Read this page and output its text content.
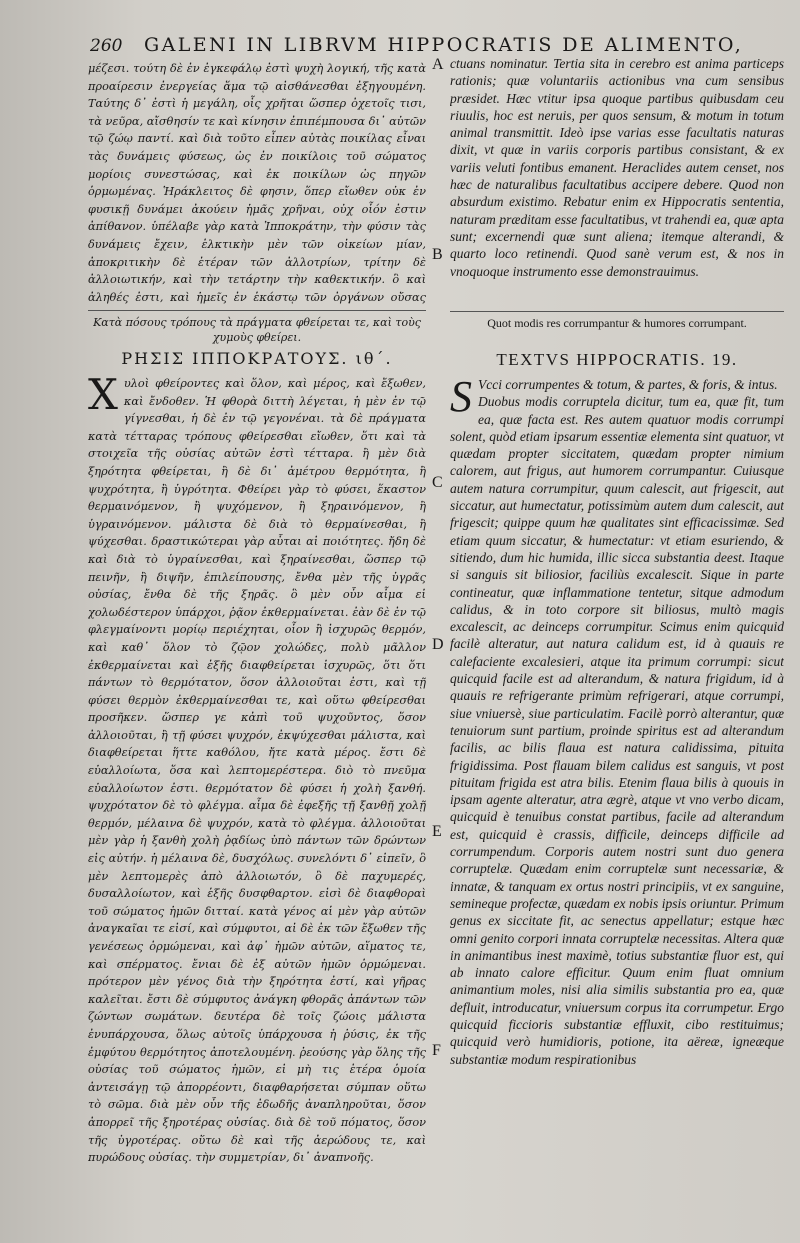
260 GALENI IN LIBRVM HIPPOCRATIS DE ALIMENTO,

μέζεσι. τούτη δὲ ἐν ἐγκεφάλῳ ἐστὶ ψυχὴ λογική, τῆς κατὰ προαίρεσιν ἐνεργείας ἅμα τῷ αἰσθάνεσθαι ἐξηγουμένη. Ταύτης δ᾽ ἐστὶ ἡ μεγάλη, οἷς χρῆται ὥσπερ ὀχετοῖς τισι, τὰ νεῦρα, αἴσθησίν τε καὶ κίνησιν ἐπιπέμπουσα δι᾽ αὐτῶν τῷ ζώῳ παντί. καὶ διὰ τοῦτο εἶπεν αὐτὰς ποικίλας εἶναι τὰς δυνάμεις φύσεως, ὡς ἐν ποικίλοις τοῦ σώματος μορίοις συνεστώσας, καὶ ἐκ ποικίλων ὡς πηγῶν ὁρμωμένας. Ἡράκλειτος δὲ φησιν, ὅπερ εἴωθεν οὐκ ἐν φυσικῇ δυνάμει ἀκούειν ἡμᾶς χρῆναι, οὐχ οἷόν ἐστιν ἀπίθανον. ὑπέλαβε γὰρ κατὰ Ἱπποκράτην, τὴν φύσιν τὰς δυνάμεις ἔχειν, ἑλκτικὴν μὲν τῶν οἰκείων μίαν, ἀποκριτικὴν δὲ ἑτέραν τῶν ἀλλοτρίων, τρίτην δὲ ἀλλοιωτικήν, καὶ τὴν τετάρτην τὴν καθεκτικήν. ὃ καὶ ἀληθές ἐστι, καὶ ἡμεῖς ἐν ἑκάστῳ τῶν ὀργάνων οὔσας

Κατὰ πόσους τρόπους τὰ πράγματα φθείρεται τε, καὶ τοὺς χυμοὺς φθείρει.

ΡΗΣΙΣ ΙΠΠΟΚΡΑΤΟΥΣ. ιθ΄.
Χ υλοὶ φθείροντες καὶ ὅλον, καὶ μέρος, καὶ ἔξωθεν, καὶ ἔνδοθεν. Ἡ φθορὰ διττὴ λέγεται, ἡ μὲν ἐν τῷ γίγνεσθαι, ἡ δὲ ἐν τῷ γεγονέναι. τὰ δὲ πράγματα κατὰ τέτταρας τρόπους φθείρεσθαι εἴωθεν, ὅτι καὶ τὰ στοιχεῖα τῆς οὐσίας αὐτῶν ἐστὶ τέτταρα. ἢ μὲν διὰ ξηρότητα φθείρεται, ἢ δὲ δι᾽ ἀμέτρου θερμότητα, ἢ ψυχρότητα, ἢ ὑγρότητα. Φθείρει γὰρ τὸ φύσει, ἕκαστον θερμαινόμενον, ἢ ψυχόμενον, ἢ ξηραινόμενον, ἢ ὑγραινόμενον. μάλιστα δὲ διὰ τὸ θερμαίνεσθαι, ἢ ψύχεσθαι. δραστικώτεραι γὰρ αὗται αἱ ποιότητες. ἤδη δὲ καὶ διὰ τὸ ὑγραίνεσθαι, καὶ ξηραίνεσθαι, ὥσπερ τῷ πεινῆν, ἢ διψῆν, ἐπιλείπουσης, ἔνθα μὲν τῆς ὑγρᾶς οὐσίας, ἔνθα δὲ τῆς ξηρᾶς. ὃ μὲν οὖν αἷμα εἰ χολωδέστερον ὑπάρχοι, ῥᾷον ἐκθερμαίνεται. ἐὰν δὲ ἐν τῷ φλεγμαίνοντι μορίῳ περιέχηται, οἷον ἢ ἰσχυρῶς θερμόν, καὶ καθ᾽ ὅλον τὸ ζῷον χολώδες, πολὺ μᾶλλον ἐκθερμαίνεται καὶ ἑξῆς διαφθείρεται ἰσχυρῶς, ὅτι ὅτι πάντων τὸ θερμότατον, ὅσον ἀλλοιοῦται ἐστι, καὶ τῇ φύσει θερμὸν ἐκθερμαίνεσθαι τε, καὶ οὕτω φθείρεσθαι προσῆκεν. ὥσπερ γε κἀπὶ τοῦ ψυχοῦντος, ὅσον ἀλλοιοῦται, ἢ τῇ φύσει ψυχρόν, ἐκψύχεσθαι μάλιστα, καὶ διαφθείρεται ἥττε καθόλου, ἤτε κατὰ μέρος. ἔστι δὲ εὐαλλοίωτα, ὅσα καὶ λεπτομερέστερα. διὸ τὸ πνεῦμα εὐαλλοίωτον ἐστι. θερμότατον δὲ φύσει ἡ χολὴ ξανθή. ψυχρότατον δὲ τὸ φλέγμα. αἷμα δὲ ἐφεξῆς τῇ ξανθῇ χολῇ θερμόν, μέλαινα δὲ ψυχρόν, κατὰ τὸ φλέγμα. ἀλλοιοῦται μὲν γὰρ ἡ ξανθὴ χολὴ ῥᾳδίως ὑπὸ πάντων τῶν δρώντων εἰς αὐτήν. ἡ μέλαινα δὲ, δυσχόλως. συνελόντι δ᾽ εἰπεῖν, ὃ μὲν λεπτομερὲς ἀπὸ ἀλλοιωτόν, ὃ δὲ παχυμερές, δυσαλλοίωτον, καὶ ἑξῆς δυσφθαρτον. εἰσὶ δὲ διαφθοραὶ τοῦ σώματος ἡμῶν διτταί. κατὰ γένος αἱ μὲν γὰρ αὐτῶν ἀναγκαῖαι τε εἰσί, καὶ σύμφυτοι, αἱ δὲ ἐκ τῶν ἔξωθεν τῆς γενέσεως ὁρμώμεναι, καὶ ἀφ᾽ ἡμῶν αὐτῶν, αἵματος τε, καὶ σπέρματος. ἔνιαι δὲ ἐξ αὐτῶν ἡμῶν ὁρμώμεναι. πρότερον μὲν γένος διὰ τὴν ξηρότητα ἐστί, καὶ γῆρας καλεῖται. ἔστι δὲ σύμφυτος ἀνάγκη φθορᾶς ἁπάντων τῶν ζώντων σωμάτων. δευτέρα δὲ τοῖς ζώοις μάλιστα ἐνυπάρχουσα, ὅλως αὐτοῖς ὑπάρχουσα ἡ ῥύσις, ἐκ τῆς ἐμφύτου θερμότητος ἀποτελουμένη. ῥεούσης γὰρ ὅλης τῆς οὐσίας τοῦ σώματος ἡμῶν, εἰ μὴ τις ἑτέρα ὁμοία ἀντεισάγῃ τῷ ἀπορρέοντι, διαφθαρήσεται σύμπαν οὕτω τὸ σῶμα. διὰ μὲν οὖν τῆς ἐδωδῆς ἀναπληροῦται, ὅσον ἀπορρεῖ τῆς ξηροτέρας οὐσίας. διὰ δὲ τοῦ πόματος, ὅσον τῆς ὑγροτέρας. οὕτω δὲ καὶ τῆς ἀερώδους τε, καὶ πυρώδους οὐσίας. τὴν συμμετρίαν, δι᾽ ἀναπνοῆς.
A
B
C
D
E
F

ctuans nominatur. Tertia sita in cerebro est anima particeps rationis; quæ voluntariis actionibus vna cum sensibus præsidet. Hæc vtitur ipsa quoque partibus quibusdam ceu riuulis, hoc est neruis, per quos sensum, & motum in totum animal transmittit. Ideò ipse varias esse facultatis naturas dixit, vt quæ in variis corporis partibus consistant, & ex variis veluti fontibus emanent. Heraclides autem censet, nos hæc de naturalibus facultatibus accipere debere. Quod non absurdum existimo. Rebatur enim ex Hippocratis sententia, naturam præditam esse facultatibus, vt trahendi ea, quæ apta sunt; excernendi quæ sunt aliena; itemque alterandi, & quarto loco retinendi. Quod sanè verum est, & nos in vnoquoque instrumento esse demonstrauimus.

Quot modis res corrumpantur & humores corrumpant.

TEXTVS HIPPOCRATIS. 19.
S Vcci corrumpentes & totum, & partes, & foris, & intus.
Duobus modis corruptela dicitur, tum ea, quæ fit, tum ea, quæ facta est. Res autem quatuor modis corrumpi solent, quòd etiam ipsarum essentiæ elementa sint quatuor, vt quædam propter siccitatem, quædam propter nimium calorem, aut frigus, aut humorem corrumpantur. Cuiusque autem natura corrumpitur, quum calescit, aut frigescit, aut siccatur, aut humectatur, potissimùm autem dum calescit, aut frigescit; quippe quum hæ qualitates sint efficacissimæ. Sed etiam quum siccatur, & humectatur: vt etiam esuriendo, & sitiendo, dum hic humida, illic sicca substantia deest. Itaque si sanguis sit biliosior, faciliùs excalescit. Sique in parte contineatur, quæ inflammatione tentetur, sitque admodum calidus, & in toto corpore sit biliosus, multò magis excalescit, ac deinceps corrumpitur. Scimus enim quicquid facilè alteratur, aut natura calidum est, id à quauis re calefaciente excalesieri, atque ita primum corrumpi: sicut quicquid facile est ad alterandum, & natura frigidum, id à quauis re refrigerante primùm refrigerari, atque corrumpi, siue vniuersè, siue particulatim. Facilè porrò alterantur, quæ tenuiorum sunt partium, proinde spiritus est ad alterandum facilis, ac bilis flaua est natura calidissima, pituita frigidissima. Post flauam bilem calidus est sanguis, vt post pituitam frigida est atra bilis. Etenim flaua bilis à quouis in ipsam agente alteratur, atra ægrè, atque vt vno verbo dicam, quicquid è tenuibus constat partibus, facile ad alterandum est, quicquid è crassis, difficile, deinceps difficile ad corrumpendum. Corporis autem nostri sunt duo genera corruptelæ. Quædam enim corruptelæ sunt necessariæ, & innatæ, & tanquam ex ortus nostri principiis, vt ex sanguine, semineque profectæ, quædam ex nobis ipsis oriuntur. Primum genus ex siccitate fit, ac senectus appellatur; estque hæc omni genito corpori innata corruptelæ necessitas. Altera quæ in animantibus inest maximè, totius substantiæ fluor est, qui ab innato calore efficitur. Quum enim fluat omnium animantium moles, nisi alia similis substantia pro ea, quæ defluit, introducatur, vniuersum corpus ita corrumpetur. Ergo quicquid ficcioris substantiæ effluxit, cibo restituimus; quicquid verò humidioris, potione, ita aëreæ, igneæque substantiæ modum respirationibus
